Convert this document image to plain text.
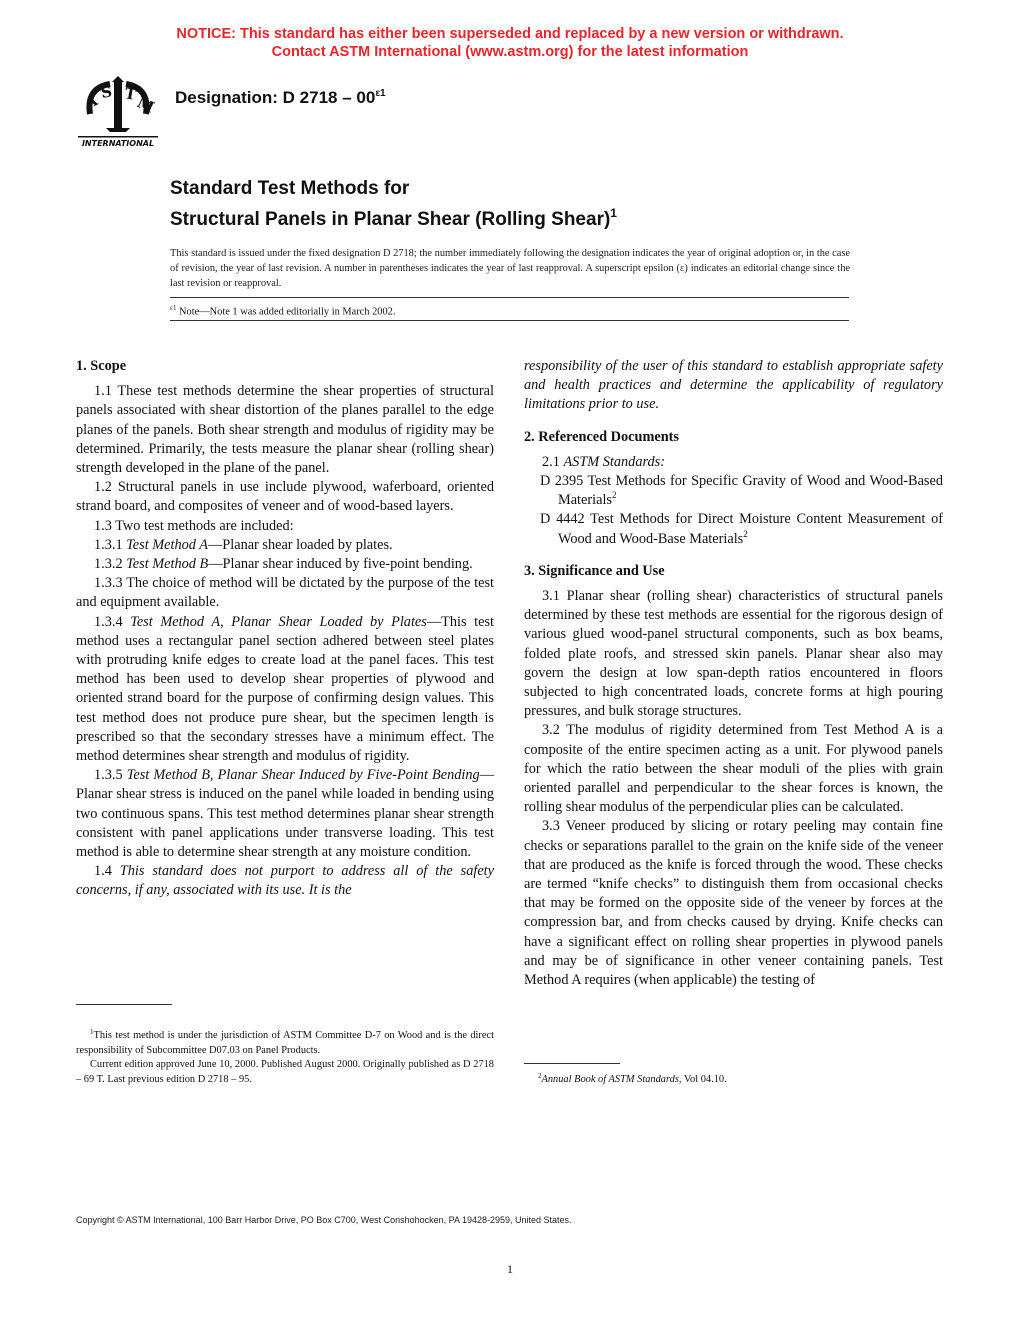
NOTICE: This standard has either been superseded and replaced by a new version or withdrawn.
Contact ASTM International (www.astm.org) for the latest information
A S T
M
INTERNATIONAL
Designation: D $2718 - 00^{\varepsilon 1}$
Standard Test Methods for
Structural Panels in Planar Shear (Rolling Shear)$^1$
This standard is issued under the fixed designation D 2718; the number immediately following the designation indicates the year of original adoption or, in the case of revision, the year of last revision. A number in parentheses indicates the year of last reapproval. A superscript epsilon (ε) indicates an editorial change since the last revision or reapproval.
$^{\varepsilon 1}$ Note—Note 1 was added editorially in March 2002.
1. Scope

1.1 These test methods determine the shear properties of structural panels associated with shear distortion of the planes parallel to the edge planes of the panels. Both shear strength and modulus of rigidity may be determined. Primarily, the tests measure the planar shear (rolling shear) strength developed in the plane of the panel.

1.2 Structural panels in use include plywood, waferboard, oriented strand board, and composites of veneer and of wood-based layers.

1.3 Two test methods are included:

1.3.1 Test Method A—Planar shear loaded by plates.

1.3.2 Test Method B—Planar shear induced by five-point bending.

1.3.3 The choice of method will be dictated by the purpose of the test and equipment available.

1.3.4 Test Method A, Planar Shear Loaded by Plates—This test method uses a rectangular panel section adhered between steel plates with protruding knife edges to create load at the panel faces. This test method has been used to develop shear properties of plywood and oriented strand board for the purpose of confirming design values. This test method does not produce pure shear, but the specimen length is prescribed so that the secondary stresses have a minimum effect. The method determines shear strength and modulus of rigidity.

1.3.5 Test Method B, Planar Shear Induced by Five-Point Bending—Planar shear stress is induced on the panel while loaded in bending using two continuous spans. This test method determines planar shear strength consistent with panel applications under transverse loading. This test method is able to determine shear strength at any moisture condition.

1.4 This standard does not purport to address all of the safety concerns, if any, associated with its use. It is the

$^1$This test method is under the jurisdiction of ASTM Committee D-7 on Wood and is the direct responsibility of Subcommittee D07.03 on Panel Products.

Current edition approved June 10, 2000. Published August 2000. Originally published as D 2718 – 69 T. Last previous edition D 2718 – 95.

responsibility of the user of this standard to establish appropriate safety and health practices and determine the applicability of regulatory limitations prior to use.

2. Referenced Documents

2.1 ASTM Standards:

D 2395 Test Methods for Specific Gravity of Wood and Wood-Based Materials$^2$

D 4442 Test Methods for Direct Moisture Content Measurement of Wood and Wood-Base Materials$^2$

3. Significance and Use

3.1 Planar shear (rolling shear) characteristics of structural panels determined by these test methods are essential for the rigorous design of various glued wood-panel structural components, such as box beams, folded plate roofs, and stressed skin panels. Planar shear also may govern the design at low span-depth ratios encountered in floors subjected to high concentrated loads, concrete forms at high pouring pressures, and bulk storage structures.

3.2 The modulus of rigidity determined from Test Method A is a composite of the entire specimen acting as a unit. For plywood panels for which the ratio between the shear moduli of the plies with grain oriented parallel and perpendicular to the shear forces is known, the rolling shear modulus of the perpendicular plies can be calculated.

3.3 Veneer produced by slicing or rotary peeling may contain fine checks or separations parallel to the grain on the knife side of the veneer that are produced as the knife is forced through the wood. These checks are termed “knife checks” to distinguish them from occasional checks that may be formed on the opposite side of the veneer by forces at the compression bar, and from checks caused by drying. Knife checks can have a significant effect on rolling shear properties in plywood panels and may be of significance in other veneer containing panels. Test Method A requires (when applicable) the testing of

$^2$Annual Book of ASTM Standards, Vol 04.10.

Copyright © ASTM International, 100 Barr Harbor Drive, PO Box C700, West Conshohocken, PA 19428-2959, United States.
1
